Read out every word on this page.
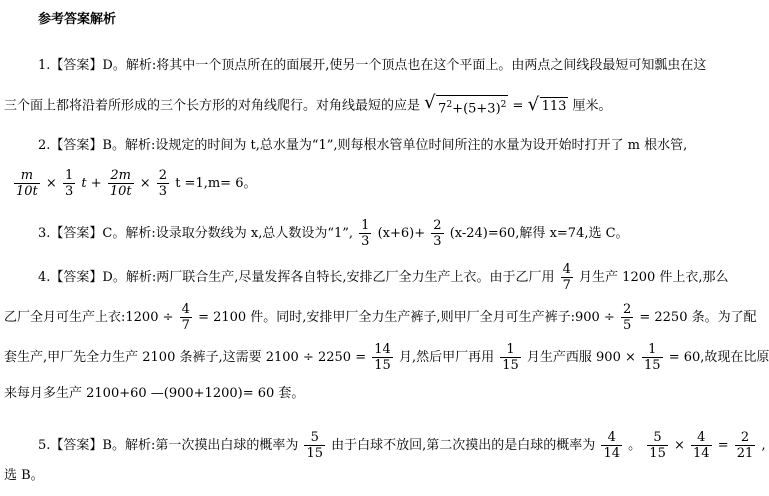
参考答案解析
1.【答案】D。解析:将其中一个顶点所在的面展开,使另一个顶点也在这个平面上。由两点之间线段最短可知瓢虫在这
三个面上都将沿着所形成的三个长方形的对角线爬行。对角线最短的应是 √ $7^2+(5+3)^2$ = √ 113 厘米。
2.【答案】B。解析:设规定的时间为 t,总水量为“1”,则每根水管单位时间所注的水量为设开始时打开了 m 根水管,
$\frac{m}{10t} \times \frac{1}{3}$ $t + \frac{2m}{10t} \times \frac{2}{3}$ t =1,m= 6。
3.【答案】C。解析:设录取分数线为 x,总人数设为“1”, $\frac{1}{3} (x+6)+ \frac{2}{3} (x-24)=60$,解得 x=74,选 C。
4.【答案】D。解析:两厂联合生产,尽量发挥各自特长,安排乙厂全力生产上衣。由于乙厂用 $\frac{4}{7}$ 月生产 1200 件上衣,那么
乙厂全月可生产上衣:1200 ÷ $\frac{4}{7} = 2100$ 件。同时,安排甲厂全力生产裤子,则甲厂全月可生产裤子:900 ÷ $\frac{2}{5} = 2250$ 条。为了配
套生产,甲厂先全力生产 2100 条裤子,这需要 $2100 \div 2250 = \frac{14}{15}$ 月,然后甲厂再用 $\frac{1}{15}$ 月生产西服 $900 \times \frac{1}{15} = 60$,故现在比原
来每月多生产 2100+60 —(900+1200)= 60 套。
5.【答案】B。解析:第一次摸出白球的概率为 $\frac{5}{15}$ 由于白球不放回,第二次摸出的是白球的概率为 $\frac{4}{14}$ 。 $\frac{5}{15} \times \frac{4}{14} = \frac{2}{21}$ ,
选 B。
